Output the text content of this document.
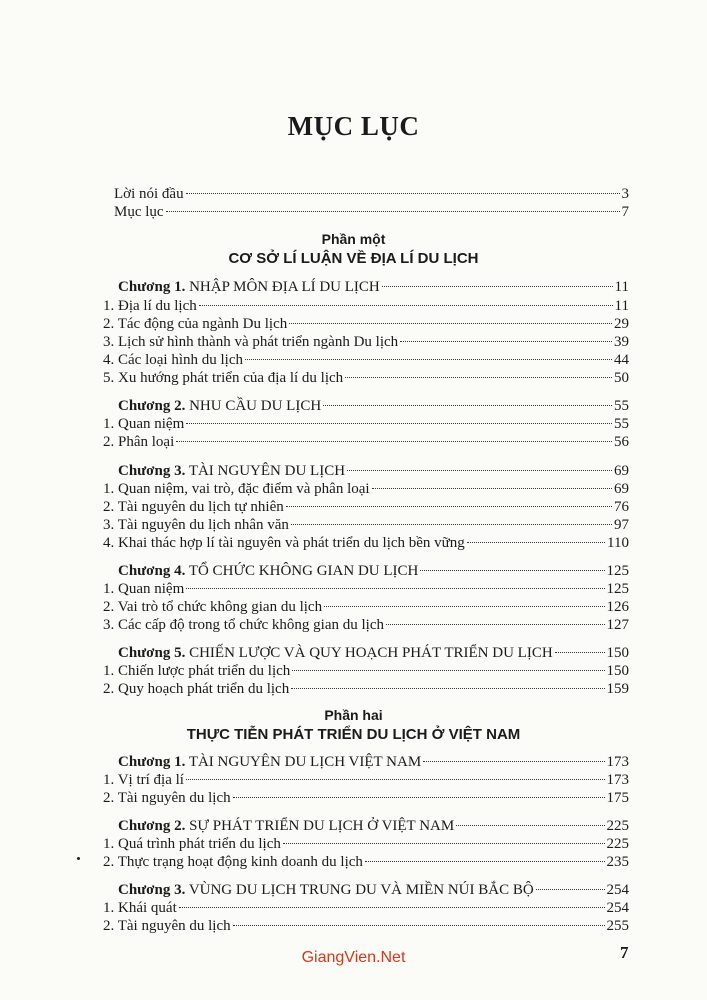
MỤC LỤC
Lời nói đầu	3
Mục lục	7
Phần một
CƠ SỞ LÍ LUẬN VỀ ĐỊA LÍ DU LỊCH
Chương 1. NHẬP MÔN ĐỊA LÍ DU LỊCH	11
1. Địa lí du lịch	11
2. Tác động của ngành Du lịch	29
3. Lịch sử hình thành và phát triển ngành Du lịch	39
4. Các loại hình du lịch	44
5. Xu hướng phát triển của địa lí du lịch	50
Chương 2. NHU CẦU DU LỊCH	55
1. Quan niệm	55
2. Phân loại	56
Chương 3. TÀI NGUYÊN DU LỊCH	69
1. Quan niệm, vai trò, đặc điểm và phân loại	69
2. Tài nguyên du lịch tự nhiên	76
3. Tài nguyên du lịch nhân văn	97
4. Khai thác hợp lí tài nguyên và phát triển du lịch bền vững	110
Chương 4. TỔ CHỨC KHÔNG GIAN DU LỊCH	125
1. Quan niệm	125
2. Vai trò tổ chức không gian du lịch	126
3. Các cấp độ trong tổ chức không gian du lịch	127
Chương 5. CHIẾN LƯỢC VÀ QUY HOẠCH PHÁT TRIỂN DU LỊCH	150
1. Chiến lược phát triển du lịch	150
2. Quy hoạch phát triển du lịch	159
Phần hai
THỰC TIỄN PHÁT TRIỂN DU LỊCH Ở VIỆT NAM
Chương 1. TÀI NGUYÊN DU LỊCH VIỆT NAM	173
1. Vị trí địa lí	173
2. Tài nguyên du lịch	175
Chương 2. SỰ PHÁT TRIỂN DU LỊCH Ở VIỆT NAM	225
1. Quá trình phát triển du lịch	225
2. Thực trạng hoạt động kinh doanh du lịch	235
Chương 3. VÙNG DU LỊCH TRUNG DU VÀ MIỀN NÚI BẮC BỘ	254
1. Khái quát	254
2. Tài nguyên du lịch	255
GiangVien.Net	7
